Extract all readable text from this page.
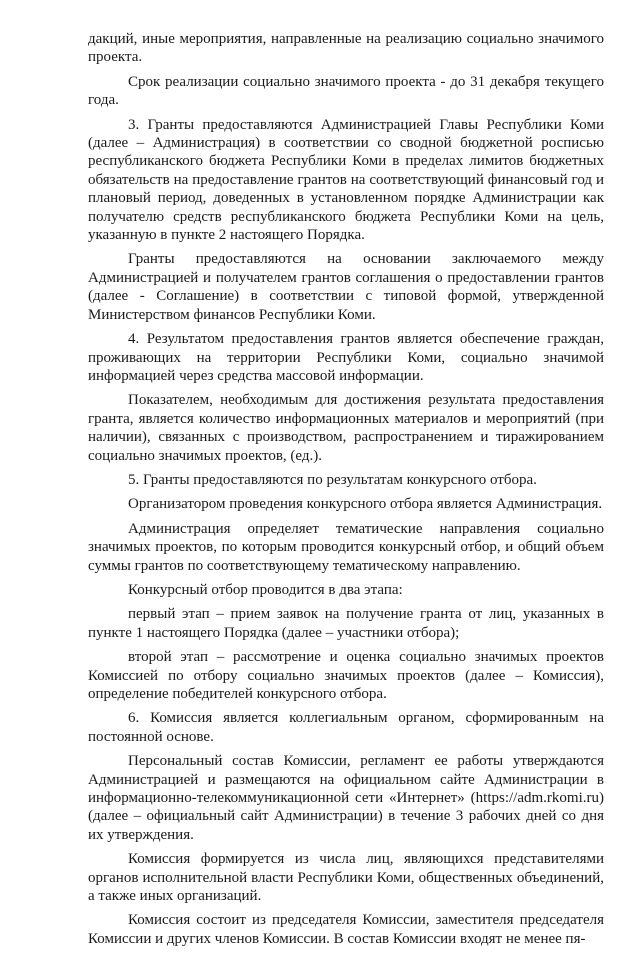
дакций, иные мероприятия, направленные на реализацию социально значимого проекта.

Срок реализации социально значимого проекта - до 31 декабря текущего года.

3. Гранты предоставляются Администрацией Главы Республики Коми (далее – Администрация) в соответствии со сводной бюджетной росписью республиканского бюджета Республики Коми в пределах лимитов бюджетных обязательств на предоставление грантов на соответствующий финансовый год и плановый период, доведенных в установленном порядке Администрации как получателю средств республиканского бюджета Республики Коми на цель, указанную в пункте 2 настоящего Порядка.

Гранты предоставляются на основании заключаемого между Администрацией и получателем грантов соглашения о предоставлении грантов (далее - Соглашение) в соответствии с типовой формой, утвержденной Министерством финансов Республики Коми.

4. Результатом предоставления грантов является обеспечение граждан, проживающих на территории Республики Коми, социально значимой информацией через средства массовой информации.

Показателем, необходимым для достижения результата предоставления гранта, является количество информационных материалов и мероприятий (при наличии), связанных с производством, распространением и тиражированием социально значимых проектов, (ед.).

5. Гранты предоставляются по результатам конкурсного отбора.

Организатором проведения конкурсного отбора является Администрация.

Администрация определяет тематические направления социально значимых проектов, по которым проводится конкурсный отбор, и общий объем суммы грантов по соответствующему тематическому направлению.

Конкурсный отбор проводится в два этапа:

первый этап – прием заявок на получение гранта от лиц, указанных в пункте 1 настоящего Порядка (далее – участники отбора);

второй этап – рассмотрение и оценка социально значимых проектов Комиссией по отбору социально значимых проектов (далее – Комиссия), определение победителей конкурсного отбора.

6. Комиссия является коллегиальным органом, сформированным на постоянной основе.

Персональный состав Комиссии, регламент ее работы утверждаются Администрацией и размещаются на официальном сайте Администрации в информационно-телекоммуникационной сети «Интернет» (https://adm.rkomi.ru) (далее – официальный сайт Администрации) в течение 3 рабочих дней со дня их утверждения.

Комиссия формируется из числа лиц, являющихся представителями органов исполнительной власти Республики Коми, общественных объединений, а также иных организаций.

Комиссия состоит из председателя Комиссии, заместителя председателя Комиссии и других членов Комиссии. В состав Комиссии входят не менее пя-
